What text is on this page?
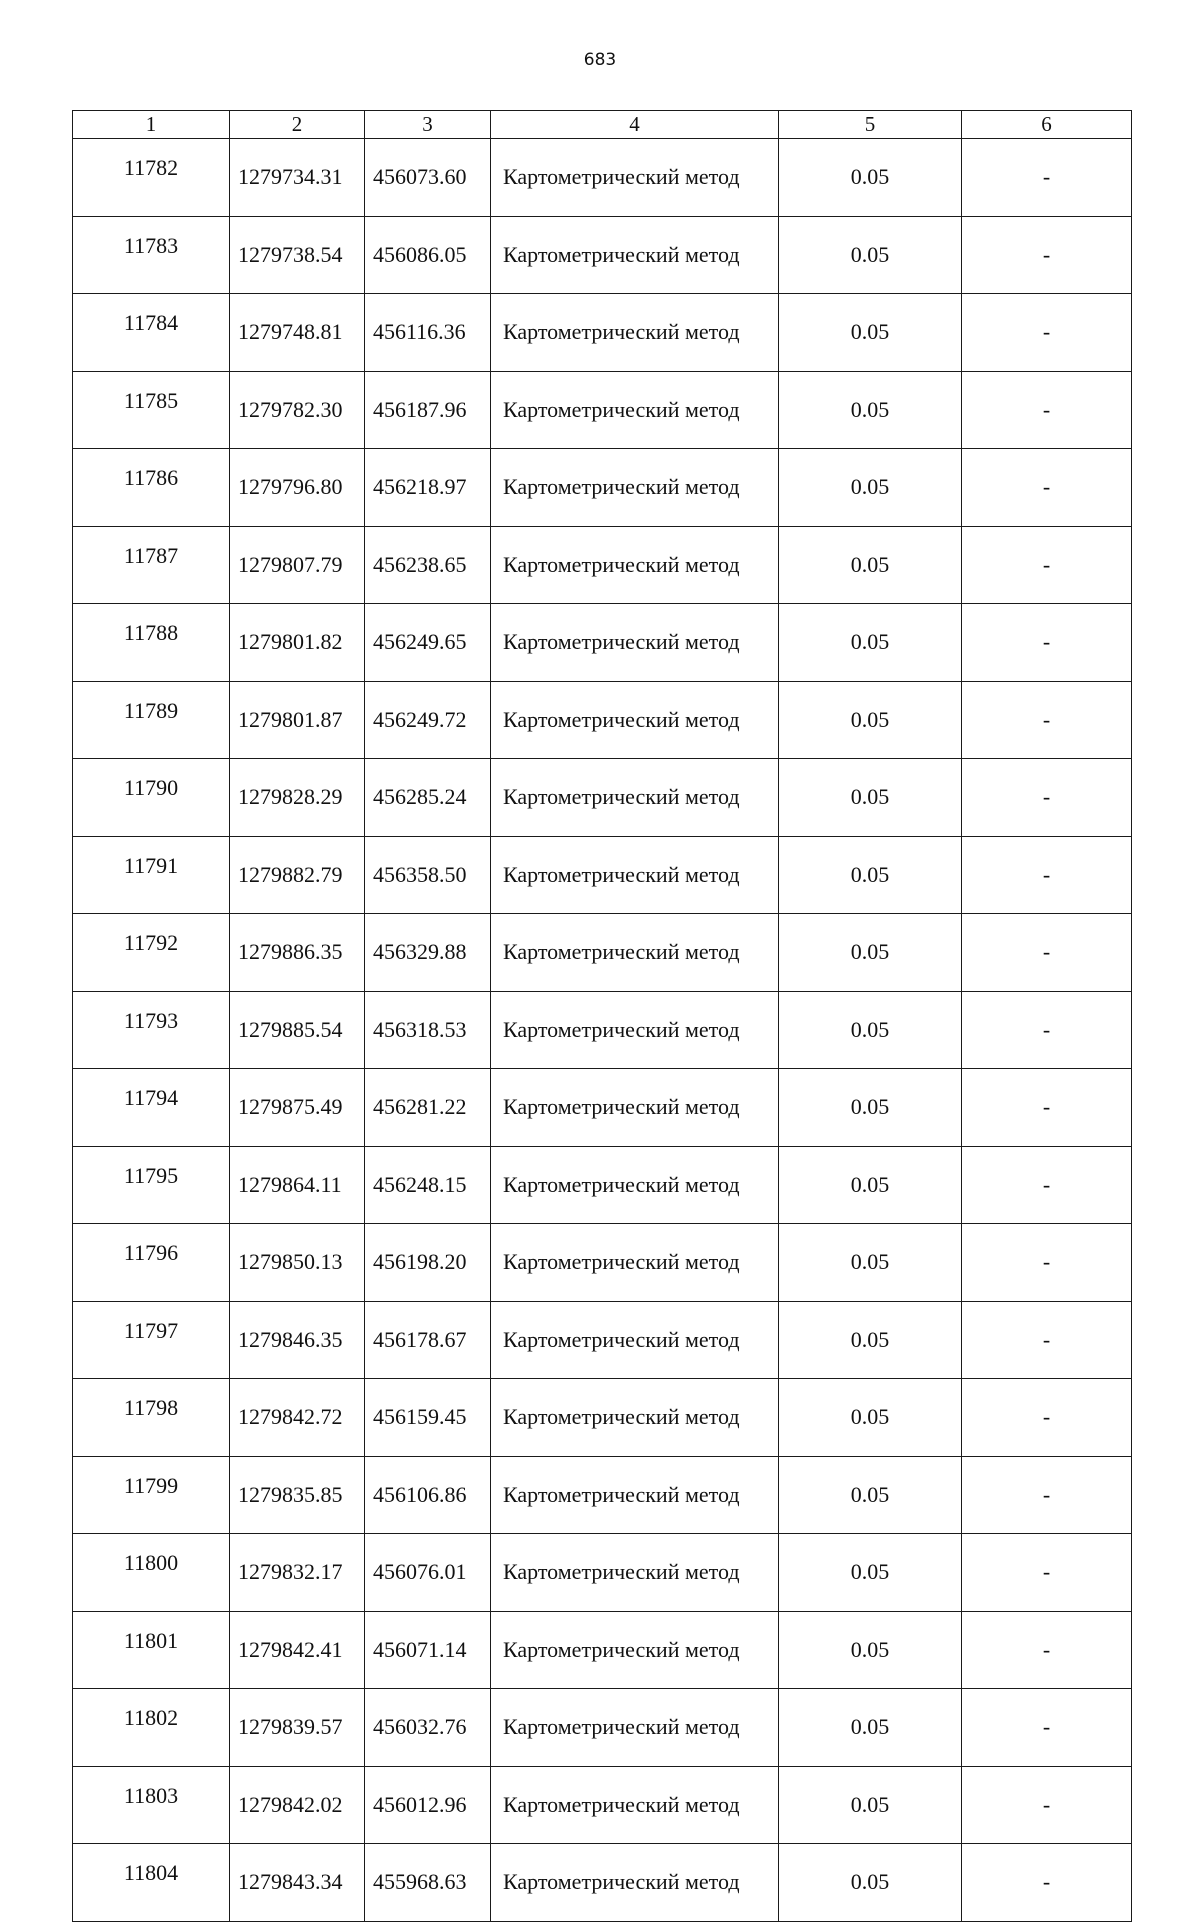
683
1	2	3	4	5	6
11782	1279734.31	456073.60	Картометрический метод	0.05	-
11783	1279738.54	456086.05	Картометрический метод	0.05	-
11784	1279748.81	456116.36	Картометрический метод	0.05	-
11785	1279782.30	456187.96	Картометрический метод	0.05	-
11786	1279796.80	456218.97	Картометрический метод	0.05	-
11787	1279807.79	456238.65	Картометрический метод	0.05	-
11788	1279801.82	456249.65	Картометрический метод	0.05	-
11789	1279801.87	456249.72	Картометрический метод	0.05	-
11790	1279828.29	456285.24	Картометрический метод	0.05	-
11791	1279882.79	456358.50	Картометрический метод	0.05	-
11792	1279886.35	456329.88	Картометрический метод	0.05	-
11793	1279885.54	456318.53	Картометрический метод	0.05	-
11794	1279875.49	456281.22	Картометрический метод	0.05	-
11795	1279864.11	456248.15	Картометрический метод	0.05	-
11796	1279850.13	456198.20	Картометрический метод	0.05	-
11797	1279846.35	456178.67	Картометрический метод	0.05	-
11798	1279842.72	456159.45	Картометрический метод	0.05	-
11799	1279835.85	456106.86	Картометрический метод	0.05	-
11800	1279832.17	456076.01	Картометрический метод	0.05	-
11801	1279842.41	456071.14	Картометрический метод	0.05	-
11802	1279839.57	456032.76	Картометрический метод	0.05	-
11803	1279842.02	456012.96	Картометрический метод	0.05	-
11804	1279843.34	455968.63	Картометрический метод	0.05	-
